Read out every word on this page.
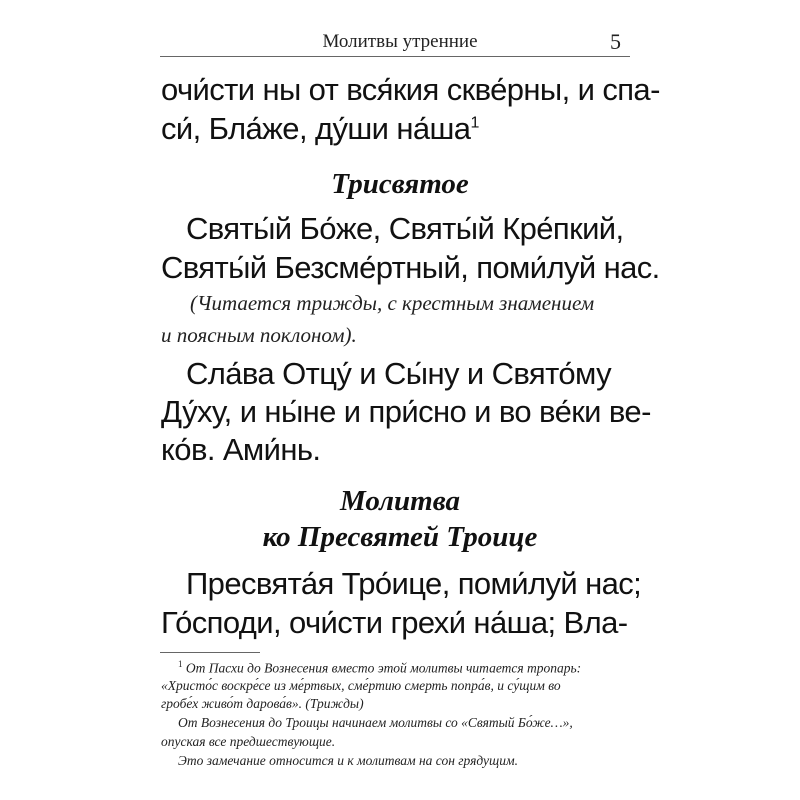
Молитвы утренние	5
очи́сти ны от вся́кия скве́рны, и спа-
си́, Бла́же, ду́ши $на́ша^1$
Трисвятое
Святы́й Бо́же, Святы́й Кре́пкий,
Святы́й Безсме́ртный, поми́луй нас.
(Читается трижды, с крестным знамением
и поясным поклоном).
Сла́ва Отцу́ и Сы́ну и Свято́му
Ду́ху, и ны́не и при́сно и во ве́ки ве-
ко́в. Ами́нь.
Молитва
ко Пресвятей Троице
Пресвята́я Тро́ице, поми́луй нас;
Го́споди, очи́сти грехи́ на́ша; Вла-
$^1$ От Пасхи до Вознесения вместо этой молитвы читается тропарь:
«Христо́с воскре́се из ме́ртвых, сме́ртию смерть попра́в, и су́щим во
гробе́х живо́т дарова́в». (Трижды)
От Вознесения до Троицы начинаем молитвы со «Святый Бо́же…»,
опуская все предшествующие.
Это замечание относится и к молитвам на сон грядущим.
